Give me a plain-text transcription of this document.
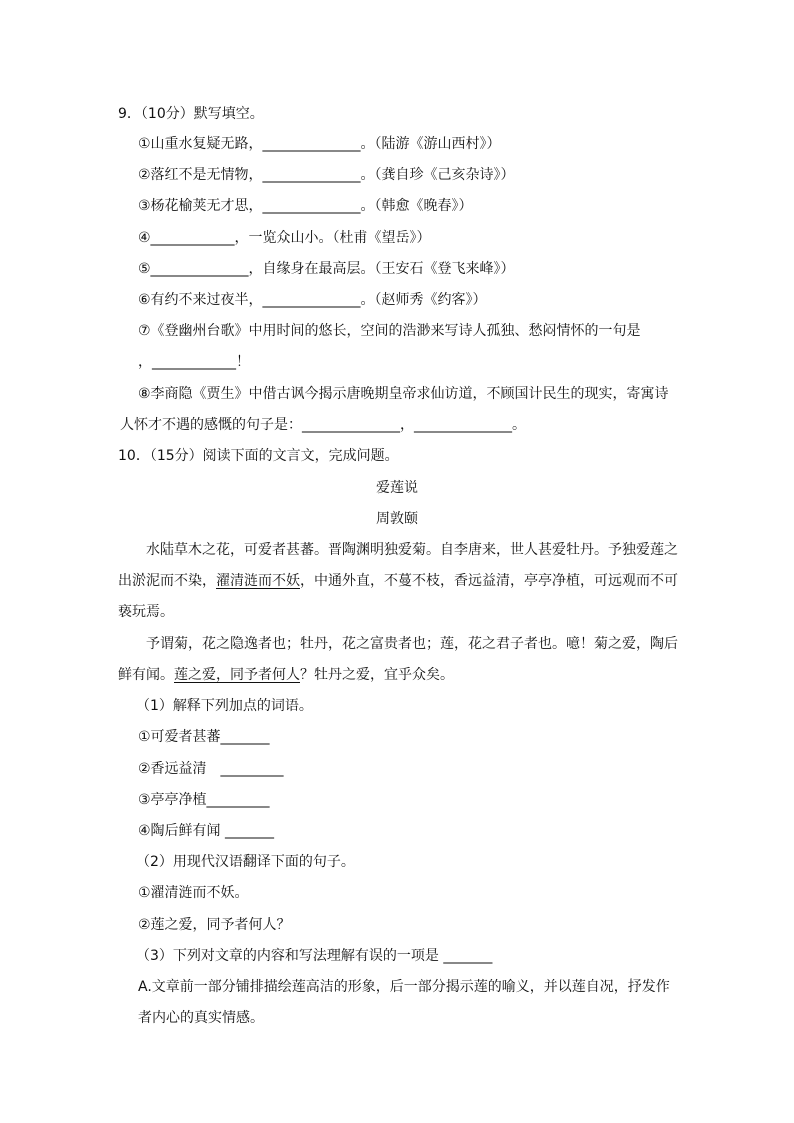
9．（10分）默写填空。
①山重水复疑无路，______________。（陆游《游山西村》）
②落红不是无情物，______________。（龚自珍《己亥杂诗》）
③杨花榆荚无才思，______________。（韩愈《晚春》）
④____________，一览众山小。（杜甫《望岳》）
⑤______________，自缘身在最高层。（王安石《登飞来峰》）
⑥有约不来过夜半，______________。（赵师秀《约客》）
⑦《登幽州台歌》中用时间的悠长，空间的浩渺来写诗人孤独、愁闷情怀的一句是
，____________！
⑧李商隐《贾生》中借古讽今揭示唐晚期皇帝求仙访道，不顾国计民生的现实，寄寓诗
人怀才不遇的感慨的句子是：______________，______________。
10．（15分）阅读下面的文言文，完成问题。
爱莲说
周敦颐
水陆草木之花，可爱者甚蕃。晋陶渊明独爱菊。自李唐来，世人甚爱牡丹。予独爱莲之
出淤泥而不染，濯清涟而不妖，中通外直，不蔓不枝，香远益清，亭亭净植，可远观而不可
亵玩焉。
予谓菊，花之隐逸者也；牡丹，花之富贵者也；莲，花之君子者也。噫！菊之爱，陶后
鲜有闻。莲之爱，同予者何人？牡丹之爱，宜乎众矣。
（1）解释下列加点的词语。
①可爱者甚蕃_______
②香远益清　_________
③亭亭净植_________
④陶后鲜有闻 _______
（2）用现代汉语翻译下面的句子。
①濯清涟而不妖。
②莲之爱，同予者何人？
（3）下列对文章的内容和写法理解有误的一项是 _______
A.文章前一部分铺排描绘莲高洁的形象，后一部分揭示莲的喻义，并以莲自况，抒发作
者内心的真实情感。
